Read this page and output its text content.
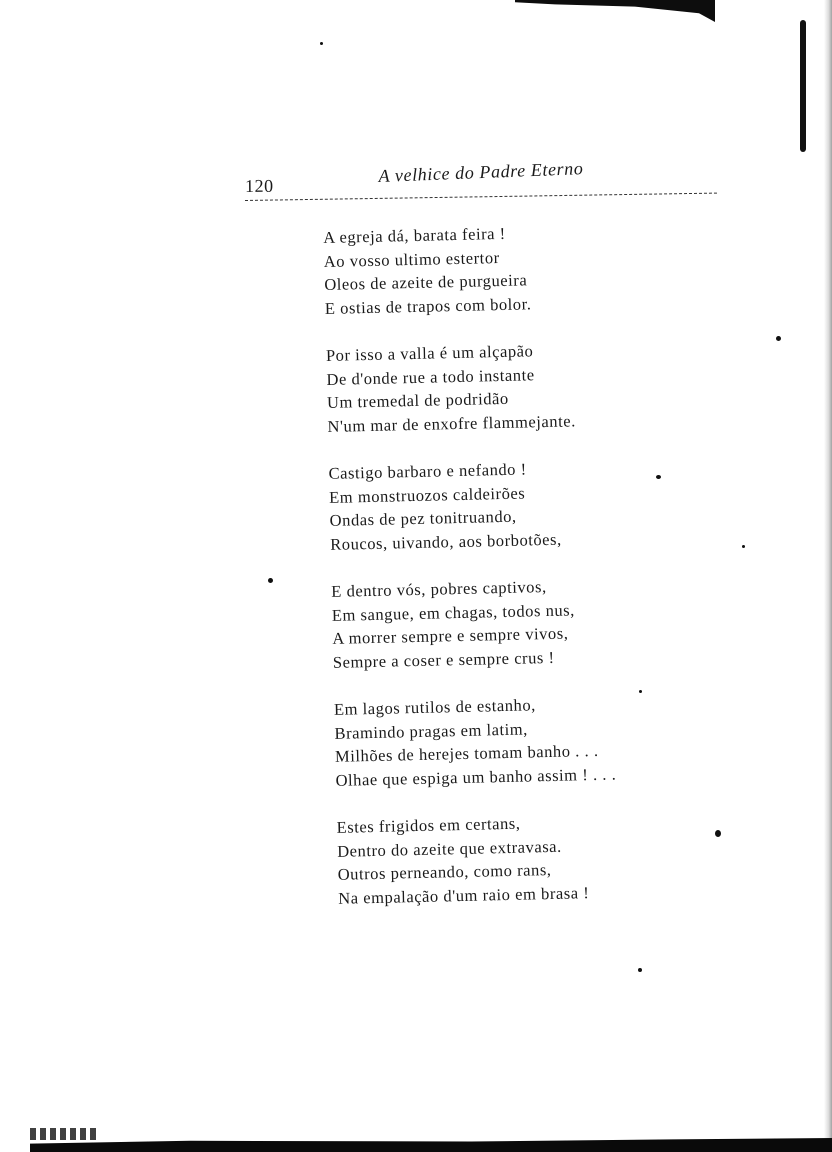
120	A velhice do Padre Eterno
A egreja dá, barata feira !
Ao vosso ultimo estertor
Oleos de azeite de purgueira
E ostias de trapos com bolor.
Por isso a valla é um alçapão
De d'onde rue a todo instante
Um tremedal de podridão
N'um mar de enxofre flammejante.
Castigo barbaro e nefando !
Em monstruozos caldeirões
Ondas de pez tonitruando,
Roucos, uivando, aos borbotões,
E dentro vós, pobres captivos,
Em sangue, em chagas, todos nus,
A morrer sempre e sempre vivos,
Sempre a coser e sempre crus !
Em lagos rutilos de estanho,
Bramindo pragas em latim,
Milhões de herejes tomam banho . . .
Olhae que espiga um banho assim ! . . .
Estes frigidos em certans,
Dentro do azeite que extravasa.
Outros perneando, como rans,
Na empalação d'um raio em brasa !
